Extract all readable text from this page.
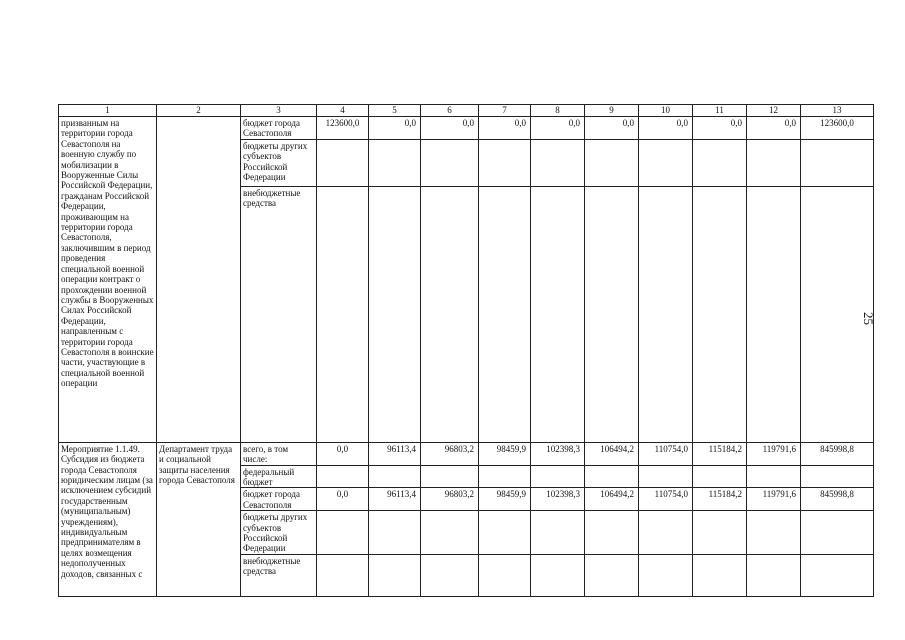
25
1	2	3	4	5	6	7	8	9	10	11	12	13
призванным на территории города Севастополя на военную службу по мобилизации в Вооруженные Силы Российской Федерации, гражданам Российской Федерации, проживающим на территории города Севастополя, заключившим в период проведения специальной военной операции контракт о прохождении военной службы в Вооруженных Силах Российской Федерации, направленным с территории города Севастополя в воинские части, участвующие в специальной военной операции		бюджет города Севастополя	123600,0	0,0	0,0	0,0	0,0	0,0	0,0	0,0	0,0	123600,0
		бюджеты других субъектов Российской Федерации										
		внебюджетные средства										
Мероприятие 1.1.49. Субсидия из бюджета города Севастополя юридическим лицам (за исключением субсидий государственным (муниципальным) учреждениям), индивидуальным предпринимателям в целях возмещения недополученных доходов, связанных с	Департамент труда и социальной защиты населения города Севастополя	всего, в том числе:	0,0	96113,4	96803,2	98459,9	102398,3	106494,2	110754,0	115184,2	119791,6	845998,8
		федеральный бюджет										
		бюджет города Севастополя	0,0	96113,4	96803,2	98459,9	102398,3	106494,2	110754,0	115184,2	119791,6	845998,8
		бюджеты других субъектов Российской Федерации										
		внебюджетные средства										
